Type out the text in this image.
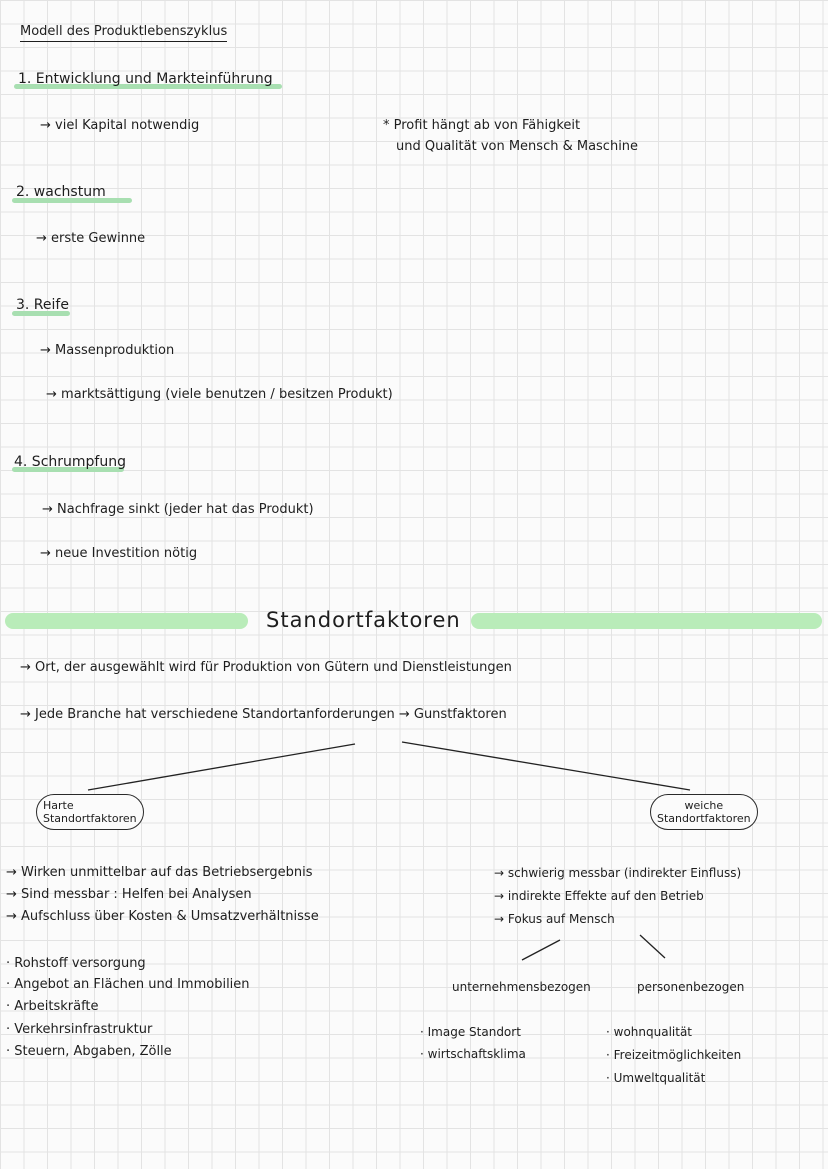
Modell des Produktlebenszyklus
1. Entwicklung und Markteinführung
→ viel Kapital notwendig	* Profit hängt ab von Fähigkeit
und Qualität von Mensch & Maschine
2. wachstum
→ erste Gewinne
3. Reife
→ Massenproduktion
→ marktsättigung (viele benutzen / besitzen Produkt)
4. Schrumpfung
→ Nachfrage sinkt (jeder hat das Produkt)
→ neue Investition nötig
Standortfaktoren
→ Ort, der ausgewählt wird für Produktion von Gütern und Dienstleistungen
→ Jede Branche hat verschiedene Standortanforderungen → Gunstfaktoren
Harte
Standortfaktoren
weiche
Standortfaktoren
→ Wirken unmittelbar auf das Betriebsergebnis
→ Sind messbar : Helfen bei Analysen
→ Aufschluss über Kosten & Umsatzverhältnisse
· Rohstoff versorgung
· Angebot an Flächen und Immobilien
· Arbeitskräfte
· Verkehrsinfrastruktur
· Steuern, Abgaben, Zölle
→ schwierig messbar (indirekter Einfluss)
→ indirekte Effekte auf den Betrieb
→ Fokus auf Mensch
unternehmensbezogen	personenbezogen
· Image Standort
· wirtschaftsklima
· wohnqualität
· Freizeitmöglichkeiten
· Umweltqualität
